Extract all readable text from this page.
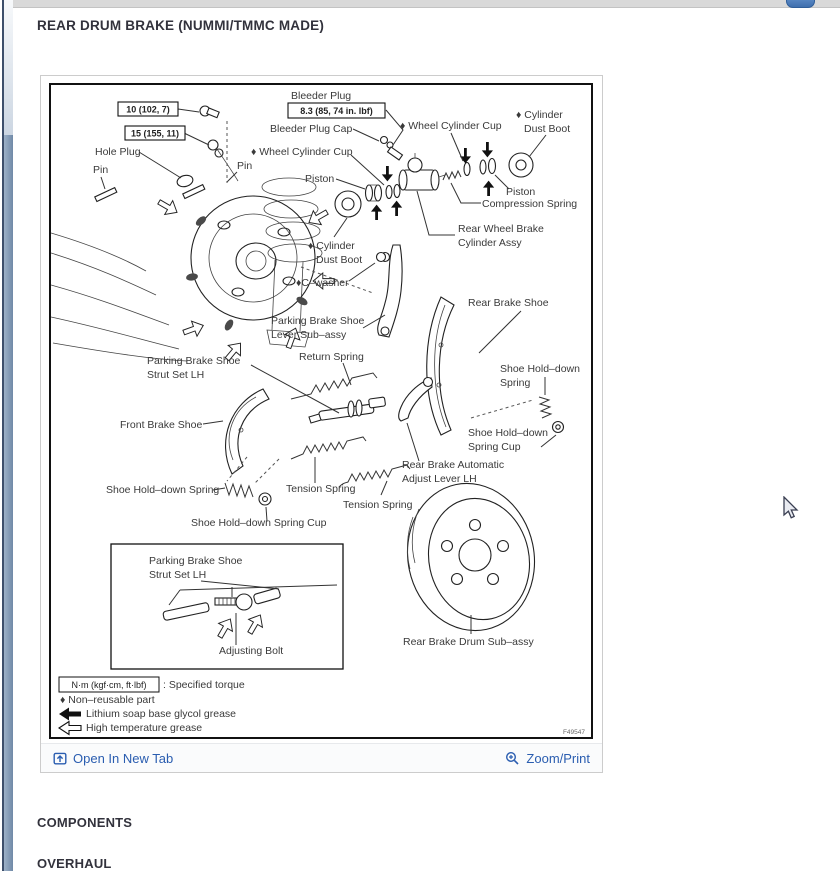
REAR DRUM BRAKE (NUMMI/TMMC MADE)
10 (102, 7)
15 (155, 11)
8.3 (85, 74 in. lbf)
Bleeder Plug
Bleeder Plug Cap	♦ Wheel Cylinder Cup
♦ Cylinder
Dust Boot
Hole Plug	♦ Wheel Cylinder Cup
Pin	Pin
Piston
Piston
Compression Spring
Rear Wheel Brake
Cylinder Assy
♦ Cylinder
Dust Boot
♦C–washer
Parking Brake Shoe
Lever Sub–assy
Rear Brake Shoe
Return Spring
Parking Brake Shoe
Strut Set LH	Shoe Hold–down
Spring
Front Brake Shoe
Shoe Hold–down
Spring Cup
Rear Brake Automatic
Adjust Lever LH
Shoe Hold–down Spring	Tension Spring
Tension Spring
Shoe Hold–down Spring Cup
Parking Brake Shoe
Strut Set LH
Adjusting Bolt
Rear Brake Drum Sub–assy
N·m (kgf·cm, ft·lbf) : Specified torque
♦ Non–reusable part
Lithium soap base glycol grease
High temperature grease	F49547
Open In New Tab	Zoom/Print
COMPONENTS
OVERHAUL
